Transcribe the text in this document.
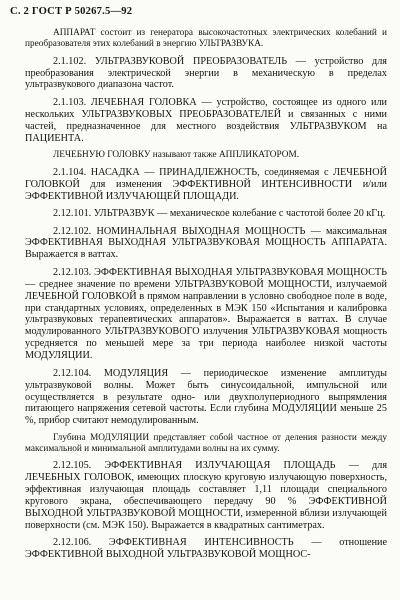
С. 2 ГОСТ Р 50267.5—92

АППАРАТ состоит из генератора высокочастотных электрических колебаний и преобразователя этих колебаний в энергию УЛЬТРАЗВУКА.

2.1.102. УЛЬТРАЗВУКОВОЙ ПРЕОБРАЗОВАТЕЛЬ — устройство для преобразования электрической энергии в механическую в пределах ультразвукового диапазона частот.

2.1.103. ЛЕЧЕБНАЯ ГОЛОВКА — устройство, состоящее из одного или нескольких УЛЬТРАЗВУКОВЫХ ПРЕОБРАЗОВАТЕЛЕЙ и связанных с ними частей, предназначенное для местного воздействия УЛЬТРАЗВУКОМ на ПАЦИЕНТА.

ЛЕЧЕБНУЮ ГОЛОВКУ называют также АППЛИКАТОРОМ.

2.1.104. НАСАДКА — ПРИНАДЛЕЖНОСТЬ, соединяемая с ЛЕЧЕБНОЙ ГОЛОВКОЙ для изменения ЭФФЕКТИВНОЙ ИНТЕНСИВНОСТИ и/или ЭФФЕКТИВНОЙ ИЗЛУЧАЮЩЕЙ ПЛОЩАДИ.

2.12.101. УЛЬТРАЗВУК — механическое колебание с частотой более 20 кГц.

2.12.102. НОМИНАЛЬНАЯ ВЫХОДНАЯ МОЩНОСТЬ — максимальная ЭФФЕКТИВНАЯ ВЫХОДНАЯ УЛЬТРАЗВУКОВАЯ МОЩНОСТЬ АППАРАТА. Выражается в ваттах.

2.12.103. ЭФФЕКТИВНАЯ ВЫХОДНАЯ УЛЬТРАЗВУКОВАЯ МОЩНОСТЬ — среднее значение по времени УЛЬТРАЗВУКОВОЙ МОЩНОСТИ, излучаемой ЛЕЧЕБНОЙ ГОЛОВКОЙ в прямом направлении в условно свободное поле в воде, при стандартных условиях, определенных в МЭК 150 «Испытания и калибровка ультразвуковых терапевтических аппаратов». Выражается в ваттах. В случае модулированного УЛЬТРАЗВУКОВОГО излучения УЛЬТРАЗВУКОВАЯ мощность усредняется по меньшей мере за три периода наиболее низкой частоты МОДУЛЯЦИИ.

2.12.104. МОДУЛЯЦИЯ — периодическое изменение амплитуды ультразвуковой волны. Может быть синусоидальной, импульсной или осуществляется в результате одно- или двухполупериодного выпрямления питающего напряжения сетевой частоты. Если глубина МОДУЛЯЦИИ меньше 25 %, прибор считают немодулированным.

Глубина МОДУЛЯЦИИ представляет собой частное от деления разности между максимальной и минимальной амплитудами волны на их сумму.

2.12.105. ЭФФЕКТИВНАЯ ИЗЛУЧАЮЩАЯ ПЛОЩАДЬ — для ЛЕЧЕБНЫХ ГОЛОВОК, имеющих плоскую круговую излучающую поверхность, эффективная излучающая площадь составляет 1,11 площади специального кругового экрана, обеспечивающего передачу 90 % ЭФФЕКТИВНОЙ ВЫХОДНОЙ УЛЬТРАЗВУКОВОЙ МОЩНОСТИ, измеренной вблизи излучающей поверхности (см. МЭК 150). Выражается в квадратных сантиметрах.

2.12.106. ЭФФЕКТИВНАЯ ИНТЕНСИВНОСТЬ — отношение ЭФФЕКТИВНОЙ ВЫХОДНОЙ УЛЬТРАЗВУКОВОЙ МОЩНОС-
